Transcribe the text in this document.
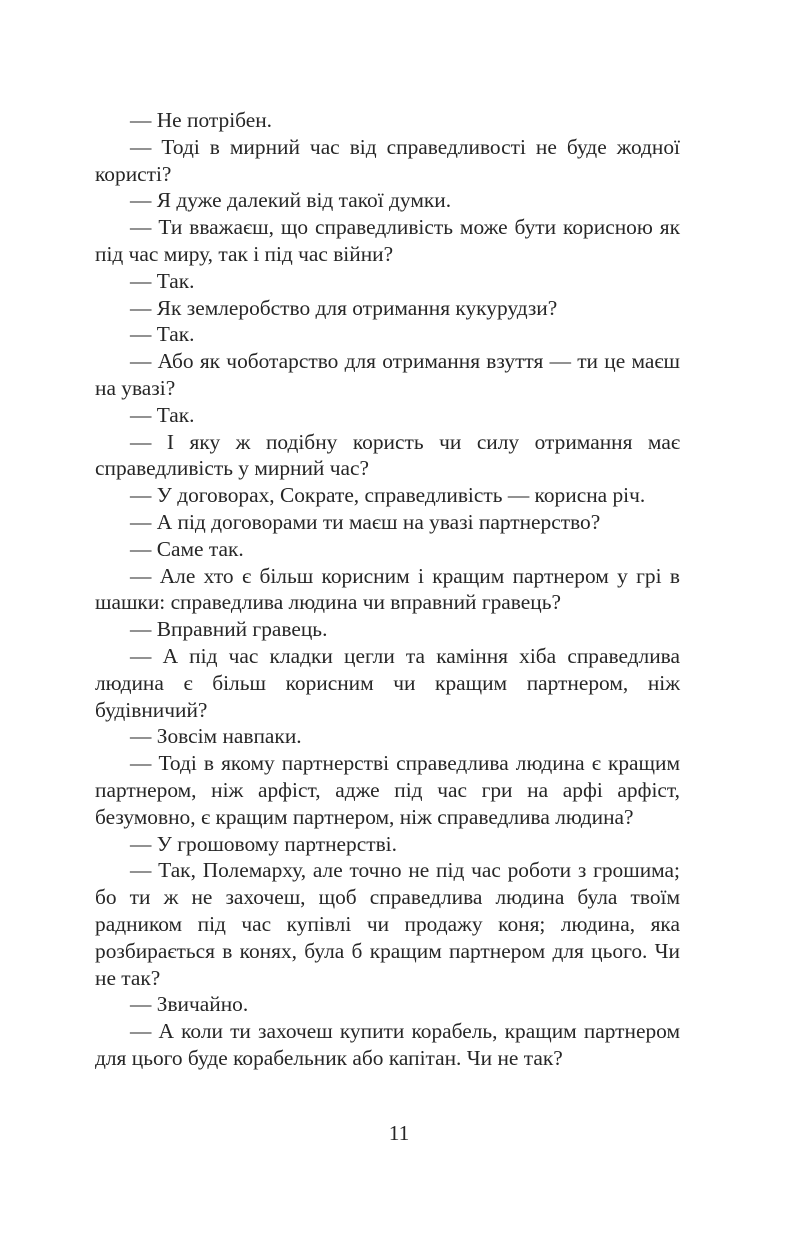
— Не потрібен.

— Тоді в мирний час від справедливості не буде жодної користі?

— Я дуже далекий від такої думки.

— Ти вважаєш, що справедливість може бути корисною як під час миру, так і під час війни?

— Так.

— Як землеробство для отримання кукурудзи?

— Так.

— Або як чоботарство для отримання взуття — ти це маєш на увазі?

— Так.

— І яку ж подібну користь чи силу отримання має справедливість у мирний час?

— У договорах, Сократе, справедливість — корисна річ.

— А під договорами ти маєш на увазі партнерство?

— Саме так.

— Але хто є більш корисним і кращим партнером у грі в шашки: справедлива людина чи вправний гравець?

— Вправний гравець.

— А під час кладки цегли та каміння хіба справедлива людина є більш корисним чи кращим партнером, ніж будівничий?

— Зовсім навпаки.

— Тоді в якому партнерстві справедлива людина є кращим партнером, ніж арфіст, адже під час гри на арфі арфіст, безумовно, є кращим партнером, ніж справедлива людина?

— У грошовому партнерстві.

— Так, Полемарху, але точно не під час роботи з грошима; бо ти ж не захочеш, щоб справедлива людина була твоїм радником під час купівлі чи продажу коня; людина, яка розбирається в конях, була б кращим партнером для цього. Чи не так?

— Звичайно.

— А коли ти захочеш купити корабель, кращим партнером для цього буде корабельник або капітан. Чи не так?

11
